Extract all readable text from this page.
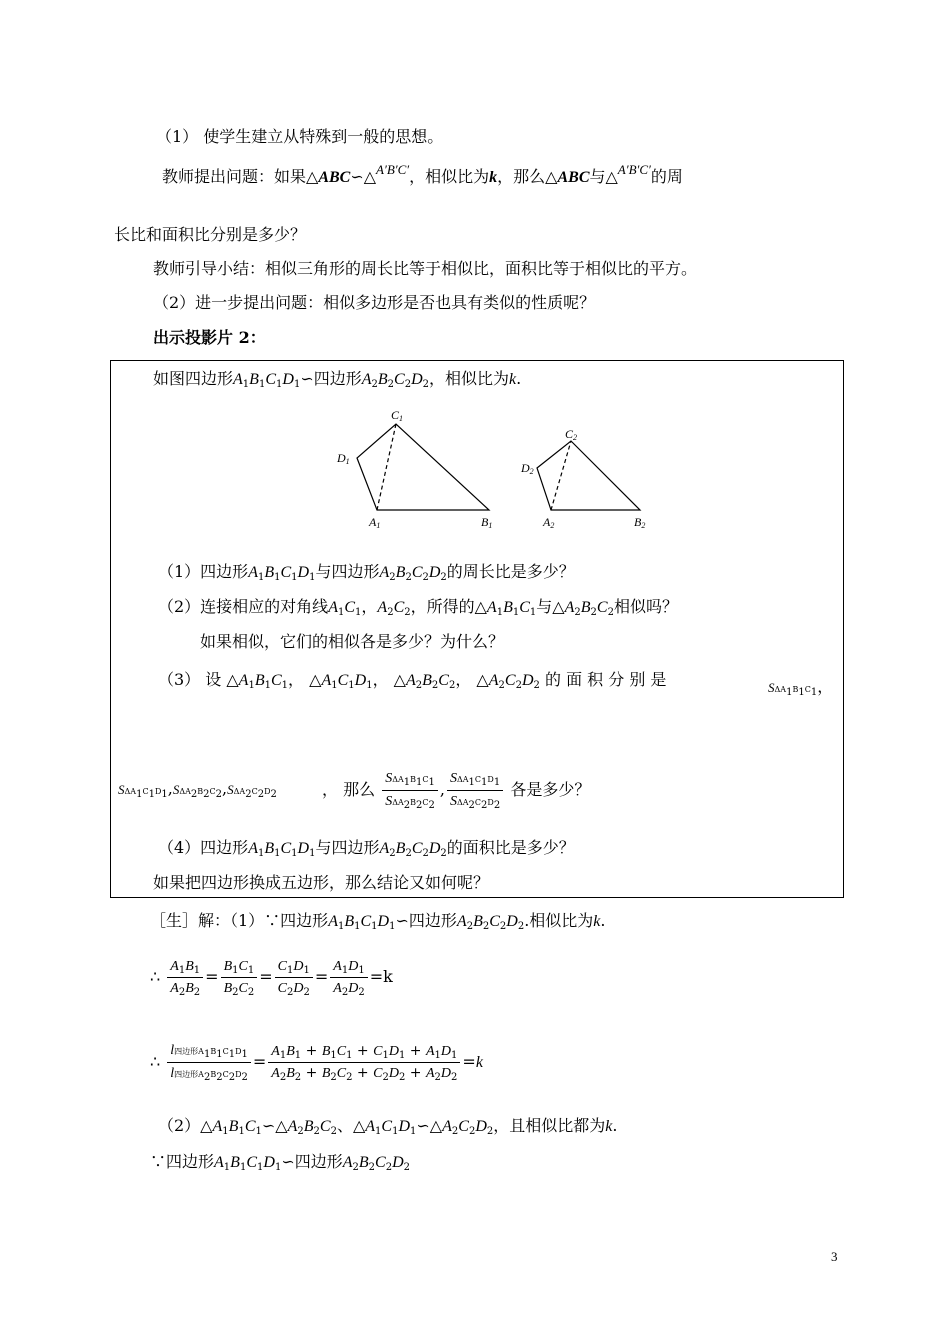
（1） 使学生建立从特殊到一般的思想。
教师提出问题：如果△ABC∽△$^{A'B'C'}$，相似比为k，那么△ABC与△$^{A'B'C'}$的周
长比和面积比分别是多少？
教师引导小结：相似三角形的周长比等于相似比，面积比等于相似比的平方。
（2）进一步提出问题：相似多边形是否也具有类似的性质呢？
出示投影片 2：
如图四边形$A_1B_1C_1D_1∽$四边形$A_2B_2C_2D_2$，相似比为k.
C1
D1
A1	B1
C2
D2
A2	B2
（1）四边形$A_1B_1C_1D_1$与四边形$A_2B_2C_2D_2$的周长比是多少？
（2）连接相应的对角线$A_1C_1$，$A_2C_2$，所得的$\triangle A_1B_1C_1$与$\triangle A_2B_2C_2$相似吗？
如果相似，它们的相似各是多少？为什么？
（3） 设 $\triangle A_1B_1C_1$， $\triangle A_1C_1D_1$， $\triangle A_2B_2C_2$， $\triangle A_2C_2D_2$ 的 面 积 分 别 是	$S\Delta A_1B_1C_1$，
$S\Delta A_1C_1D_1,S\Delta A_2B_2C_2,S\Delta A_2C_2D_2$	， 那么 $\frac{S\Delta A_1B_1C_1}{S\Delta A_2B_2C_2}$ , $\frac{S\Delta A_1C_1D_1}{S\Delta A_2C_2D_2}$ 各是多少？
（4）四边形$A_1B_1C_1D_1$与四边形$A_2B_2C_2D_2$的面积比是多少？
如果把四边形换成五边形，那么结论又如何呢？
［生］解：（1）∵四边形$A_1B_1C_1D_1∽$四边形$A_2B_2C_2D_2$.相似比为k.
∴ $\frac{A_1B_1}{A_2B_2} = \frac{B_1C_1}{B_2C_2} = \frac{C_1D_1}{C_2D_2} = \frac{A_1D_1}{A_2D_2} =k$
∴ $\frac{l四边形A_1B_1C_1D_1}{l四边形A_2B_2C_2D_2} = \frac{A_1B_1 + B_1C_1 + C_1D_1 + A_1D_1}{A_2B_2 + B_2C_2 + C_2D_2 + A_2D_2} =k$
$(2)\triangle A_1B_1C_1∽\triangle A_2B_2C_2$、$\triangle A_1C_1D_1∽\triangle A_2C_2D_2$，且相似比都为k.
∵四边形$A_1B_1C_1D_1∽$四边形$A_2B_2C_2D_2$
3
